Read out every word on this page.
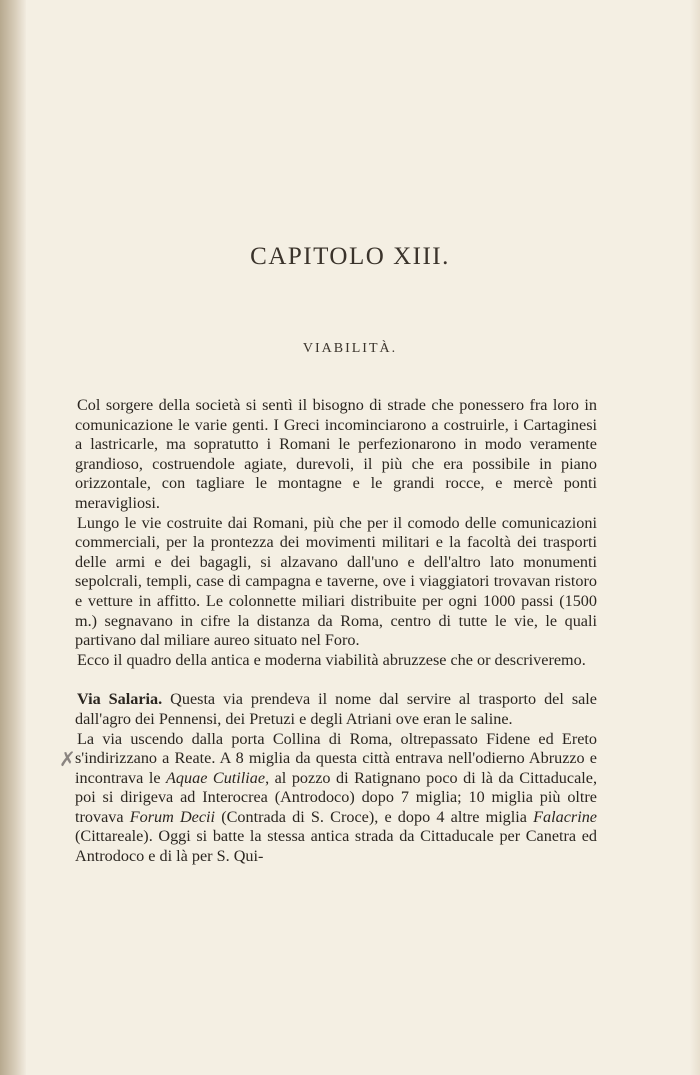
CAPITOLO XIII.
VIABILITÀ.
✗

Col sorgere della società si sentì il bisogno di strade che ponessero fra loro in comunicazione le varie genti. I Greci incominciarono a costruirle, i Cartaginesi a lastricarle, ma sopratutto i Romani le perfezionarono in modo veramente grandioso, costruendole agiate, durevoli, il più che era possibile in piano orizzontale, con tagliare le montagne e le grandi rocce, e mercè ponti meravigliosi.

Lungo le vie costruite dai Romani, più che per il comodo delle comunicazioni commerciali, per la prontezza dei movimenti militari e la facoltà dei trasporti delle armi e dei bagagli, si alzavano dall'uno e dell'altro lato monumenti sepolcrali, templi, case di campagna e taverne, ove i viaggiatori trovavan ristoro e vetture in affitto. Le colonnette miliari distribuite per ogni 1000 passi (1500 m.) segnavano in cifre la distanza da Roma, centro di tutte le vie, le quali partivano dal miliare aureo situato nel Foro.

Ecco il quadro della antica e moderna viabilità abruzzese che or descriveremo.

Via Salaria. Questa via prendeva il nome dal servire al trasporto del sale dall'agro dei Pennensi, dei Pretuzi e degli Atriani ove eran le saline.

La via uscendo dalla porta Collina di Roma, oltrepassato Fidene ed Ereto s'indirizzano a Reate. A 8 miglia da questa città entrava nell'odierno Abruzzo e incontrava le Aquae Cutiliae, al pozzo di Ratignano poco di là da Cittaducale, poi si dirigeva ad Interocrea (Antrodoco) dopo 7 miglia; 10 miglia più oltre trovava Forum Decii (Contrada di S. Croce), e dopo 4 altre miglia Falacrine (Cittareale). Oggi si batte la stessa antica strada da Cittaducale per Canetra ed Antrodoco e di là per S. Qui-
